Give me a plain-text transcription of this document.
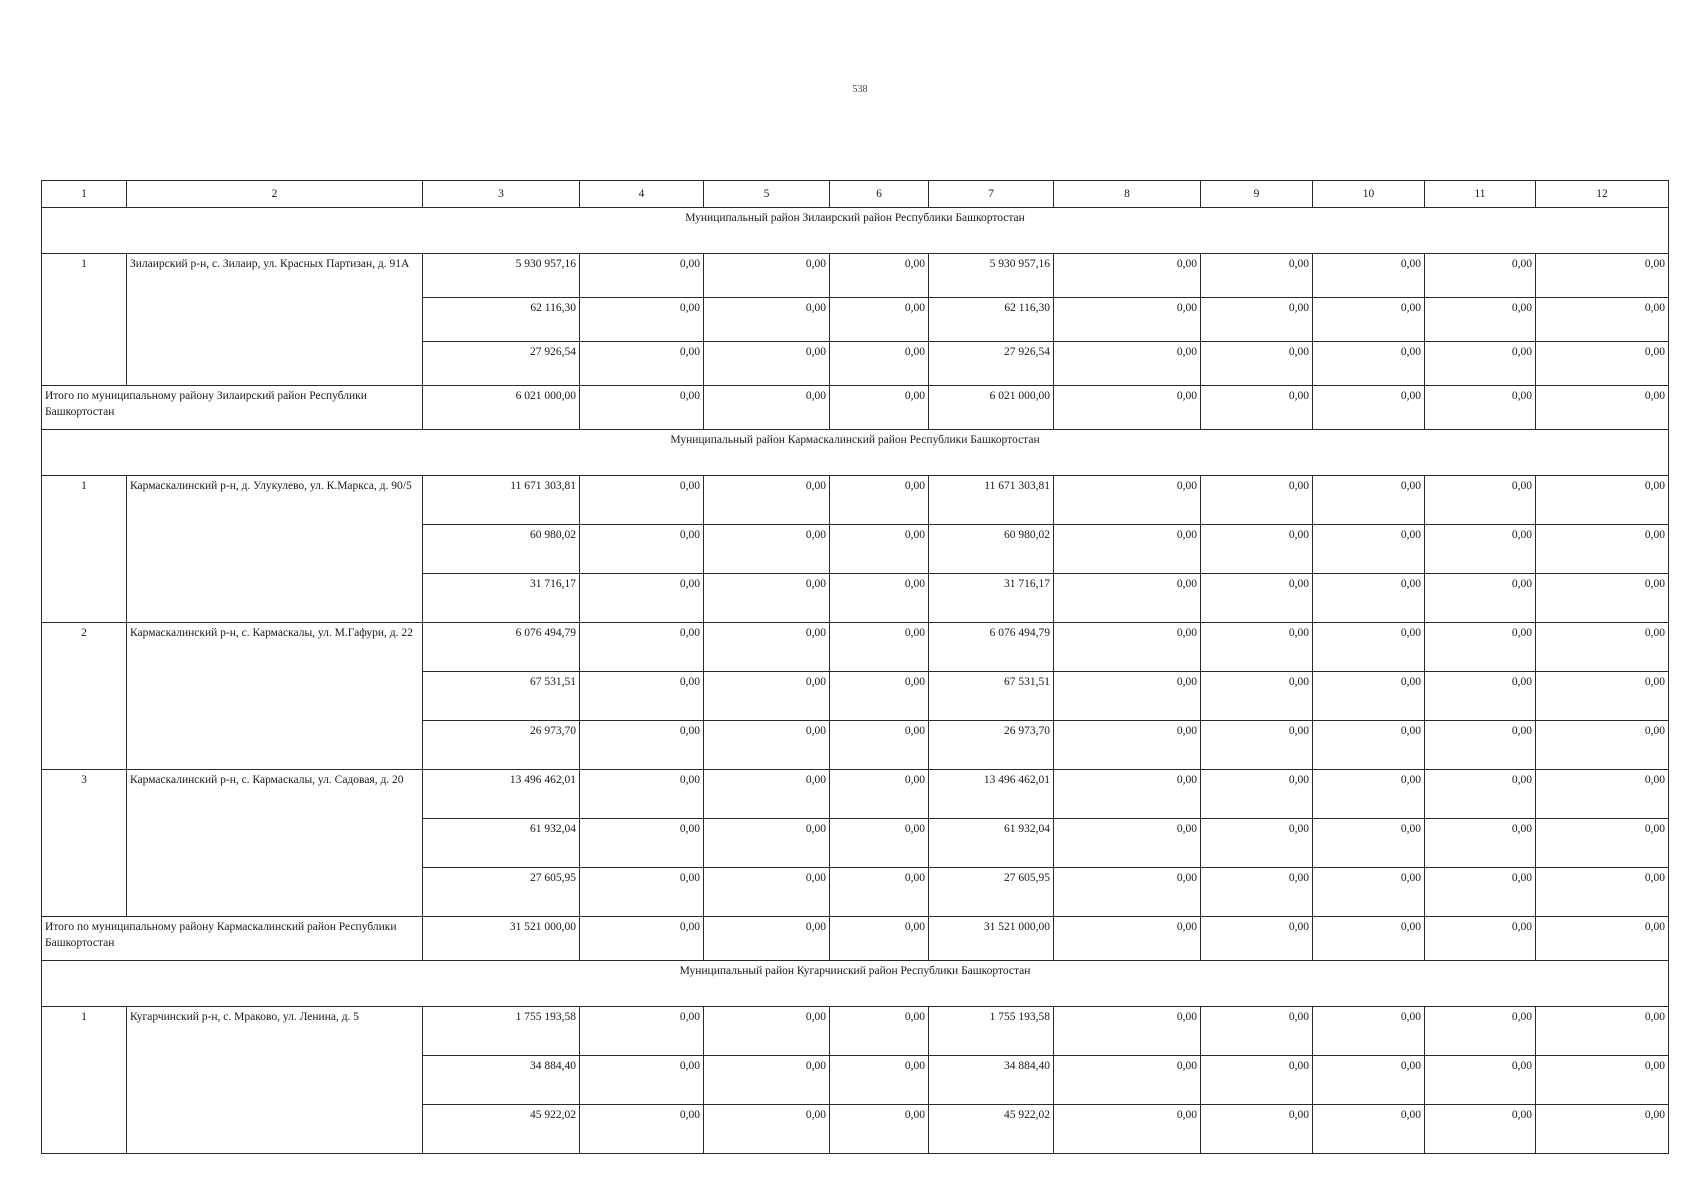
538
1	2	3	4	5	6	7	8	9	10	11	12
Муниципальный район Зилаирский район Республики Башкортостан											
1	Зилаирский р-н, с. Зилаир, ул. Красных Партизан, д. 91А	5 930 957,16	0,00	0,00	0,00	5 930 957,16	0,00	0,00	0,00	0,00	0,00
		62 116,30	0,00	0,00	0,00	62 116,30	0,00	0,00	0,00	0,00	0,00
		27 926,54	0,00	0,00	0,00	27 926,54	0,00	0,00	0,00	0,00	0,00
Итого по муниципальному району Зилаирский район Республики Башкортостан		6 021 000,00	0,00	0,00	0,00	6 021 000,00	0,00	0,00	0,00	0,00	0,00
Муниципальный район Кармаскалинский район Республики Башкортостан											
1	Кармаскалинский р-н, д. Улукулево, ул. К.Маркса, д. 90/5	11 671 303,81	0,00	0,00	0,00	11 671 303,81	0,00	0,00	0,00	0,00	0,00
		60 980,02	0,00	0,00	0,00	60 980,02	0,00	0,00	0,00	0,00	0,00
		31 716,17	0,00	0,00	0,00	31 716,17	0,00	0,00	0,00	0,00	0,00
2	Кармаскалинский р-н, с. Кармаскалы, ул. М.Гафури, д. 22	6 076 494,79	0,00	0,00	0,00	6 076 494,79	0,00	0,00	0,00	0,00	0,00
		67 531,51	0,00	0,00	0,00	67 531,51	0,00	0,00	0,00	0,00	0,00
		26 973,70	0,00	0,00	0,00	26 973,70	0,00	0,00	0,00	0,00	0,00
3	Кармаскалинский р-н, с. Кармаскалы, ул. Садовая, д. 20	13 496 462,01	0,00	0,00	0,00	13 496 462,01	0,00	0,00	0,00	0,00	0,00
		61 932,04	0,00	0,00	0,00	61 932,04	0,00	0,00	0,00	0,00	0,00
		27 605,95	0,00	0,00	0,00	27 605,95	0,00	0,00	0,00	0,00	0,00
Итого по муниципальному району Кармаскалинский район Республики Башкортостан		31 521 000,00	0,00	0,00	0,00	31 521 000,00	0,00	0,00	0,00	0,00	0,00
Муниципальный район Кугарчинский район Республики Башкортостан											
1	Кугарчинский р-н, с. Мраково, ул. Ленина, д. 5	1 755 193,58	0,00	0,00	0,00	1 755 193,58	0,00	0,00	0,00	0,00	0,00
		34 884,40	0,00	0,00	0,00	34 884,40	0,00	0,00	0,00	0,00	0,00
		45 922,02	0,00	0,00	0,00	45 922,02	0,00	0,00	0,00	0,00	0,00
